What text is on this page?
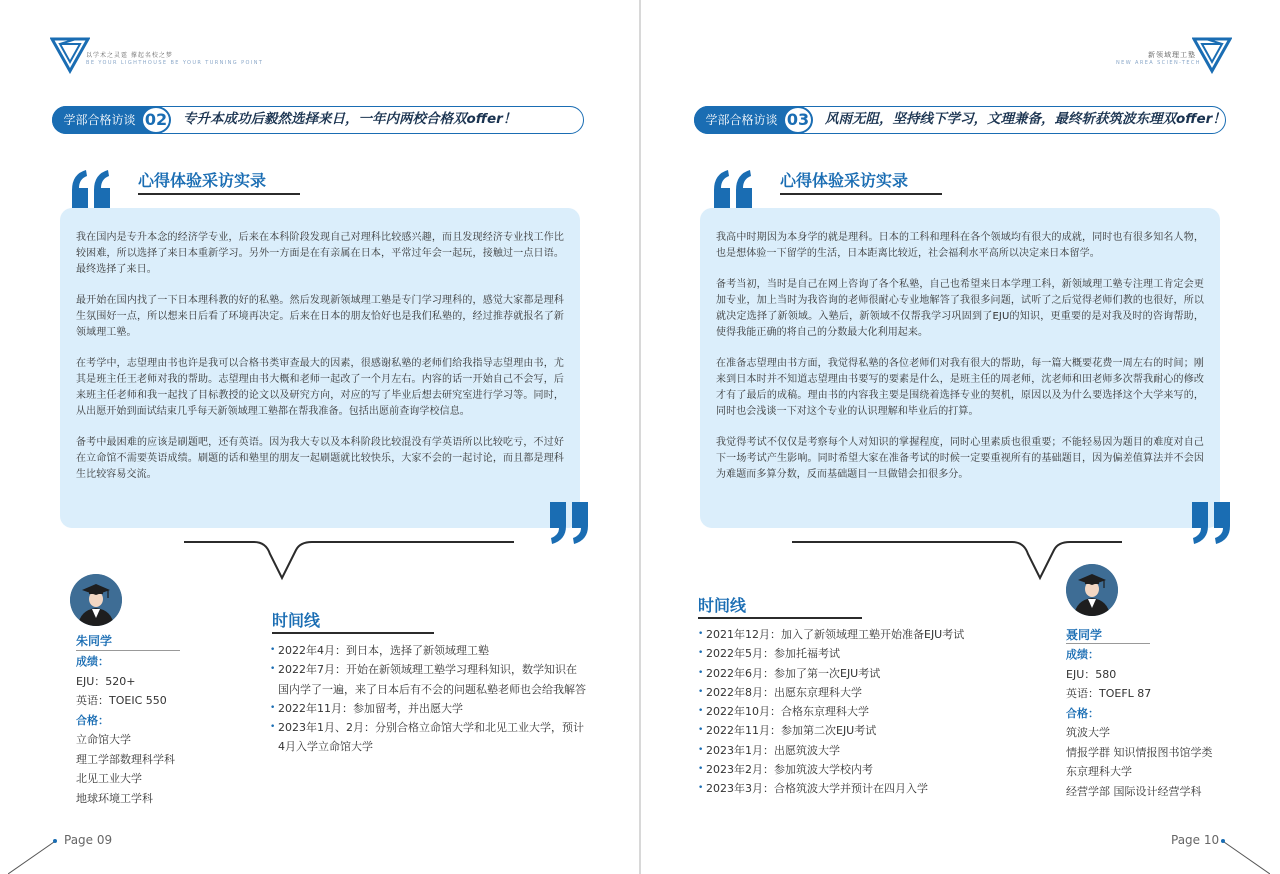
以学术之灵霆 撑起名校之梦
BE YOUR LIGHTHOUSE BE YOUR TURNING POINT
学部合格访谈 02 专升本成功后毅然选择来日，一年内两校合格双offer！
心得体验采访实录

我在国内是专升本念的经济学专业，后来在本科阶段发现自己对理科比较感兴趣，而且发现经济专业找工作比较困难，所以选择了来日本重新学习。另外一方面是在有亲属在日本，平常过年会一起玩，接触过一点日语。最终选择了来日。

最开始在国内找了一下日本理科教的好的私塾。然后发现新领域理工塾是专门学习理科的，感觉大家都是理科生氛围好一点，所以想来日后看了环境再决定。后来在日本的朋友恰好也是我们私塾的，经过推荐就报名了新领域理工塾。

在考学中，志望理由书也许是我可以合格书类审查最大的因素，很感谢私塾的老师们给我指导志望理由书，尤其是班主任王老师对我的帮助。志望理由书大概和老师一起改了一个月左右。内容的话一开始自己不会写，后来班主任老师和我一起找了目标教授的论文以及研究方向，对应的写了毕业后想去研究室进行学习等。同时，从出愿开始到面试结束几乎每天新领域理工塾都在帮我准备。包括出愿前查询学校信息。

备考中最困难的应该是刷题吧，还有英语。因为我大专以及本科阶段比较混没有学英语所以比较吃亏，不过好在立命馆不需要英语成绩。刷题的话和塾里的朋友一起刷题就比较快乐，大家不会的一起讨论，而且都是理科生比较容易交流。

朱同学
成绩：
EJU：520+
英语：TOEIC 550
合格：
立命馆大学
理工学部数理科学科
北见工业大学
地球环境工学科
时间线
• 2022年4月：到日本，选择了新领域理工塾
• 2022年7月：开始在新领域理工塾学习理科知识，数学知识在国内学了一遍，来了日本后有不会的问题私塾老师也会给我解答
• 2022年11月：参加留考，并出愿大学
• 2023年1月、2月：分别合格立命馆大学和北见工业大学，预计4月入学立命馆大学
Page 09
新领域理工塾
NEW AREA SCIEN-TECH
学部合格访谈 03 风雨无阻，坚持线下学习，文理兼备，最终斩获筑波东理双offer！
心得体验采访实录

我高中时期因为本身学的就是理科。日本的工科和理科在各个领域均有很大的成就，同时也有很多知名人物，也是想体验一下留学的生活，日本距离比较近，社会福利水平高所以决定来日本留学。

备考当初，当时是自己在网上咨询了各个私塾，自己也希望来日本学理工科，新领域理工塾专注理工肯定会更加专业，加上当时为我咨询的老师很耐心专业地解答了我很多问题，试听了之后觉得老师们教的也很好，所以就决定选择了新领域。入塾后，新领域不仅帮我学习巩固到了EJU的知识，更重要的是对我及时的咨询帮助，使得我能正确的将自己的分数最大化利用起来。

在准备志望理由书方面，我觉得私塾的各位老师们对我有很大的帮助，每一篇大概要花费一周左右的时间；刚来到日本时并不知道志望理由书要写的要素是什么，是班主任的周老师，沈老师和田老师多次帮我耐心的修改才有了最后的成稿。理由书的内容我主要是围绕着选择专业的契机，原因以及为什么要选择这个大学来写的，同时也会浅谈一下对这个专业的认识理解和毕业后的打算。

我觉得考试不仅仅是考察每个人对知识的掌握程度，同时心里素质也很重要；不能轻易因为题目的难度对自己下一场考试产生影响。同时希望大家在准备考试的时候一定要重视所有的基础题目，因为偏差值算法并不会因为难题而多算分数，反而基础题目一旦做错会扣很多分。

聂同学
成绩：
EJU：580
英语：TOEFL 87
合格：
筑波大学
情报学群 知识情报图书馆学类
东京理科大学
经营学部 国际设计经营学科
时间线
• 2021年12月：加入了新领域理工塾开始准备EJU考试
• 2022年5月：参加托福考试
• 2022年6月：参加了第一次EJU考试
• 2022年8月：出愿东京理科大学
• 2022年10月：合格东京理科大学
• 2022年11月：参加第二次EJU考试
• 2023年1月：出愿筑波大学
• 2023年2月：参加筑波大学校内考
• 2023年3月：合格筑波大学并预计在四月入学
Page 10
